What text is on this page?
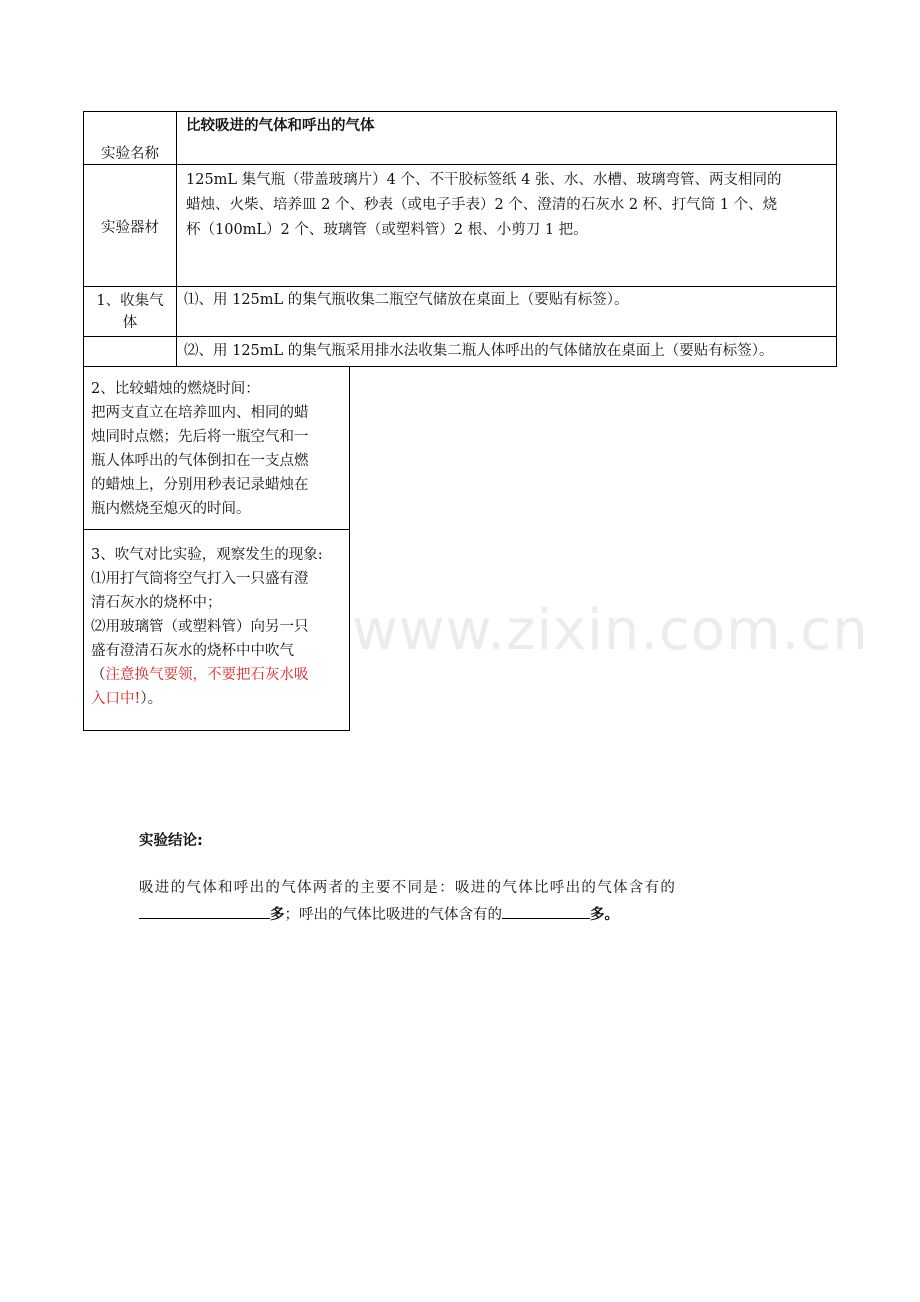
实验名称
比较吸进的气体和呼出的气体
实验器材
125mL 集气瓶（带盖玻璃片）4 个、不干胶标签纸 4 张、水、水槽、玻璃弯管、两支相同的
蜡烛、火柴、培养皿 2 个、秒表（或电子手表）2 个、澄清的石灰水 2 杯、打气筒 1 个、烧
杯（100mL）2 个、玻璃管（或塑料管）2 根、小剪刀 1 把。
1、收集气
体
⑴、用 125mL 的集气瓶收集二瓶空气储放在桌面上（要贴有标签）。
⑵、用 125mL 的集气瓶采用排水法收集二瓶人体呼出的气体储放在桌面上（要贴有标签）。
2、比较蜡烛的燃烧时间：
把两支直立在培养皿内、相同的蜡
烛同时点燃；先后将一瓶空气和一
瓶人体呼出的气体倒扣在一支点燃
的蜡烛上，分别用秒表记录蜡烛在
瓶内燃烧至熄灭的时间。
3、吹气对比实验，观察发生的现象:
⑴用打气筒将空气打入一只盛有澄
清石灰水的烧杯中；
⑵用玻璃管（或塑料管）向另一只
盛有澄清石灰水的烧杯中中吹气
（注意换气要领，不要把石灰水吸
入口中!）。
www.zixin.com.cn
实验结论:
吸进的气体和呼出的气体两者的主要不同是：吸进的气体比呼出的气体含有的
多；呼出的气体比吸进的气体含有的	多。
